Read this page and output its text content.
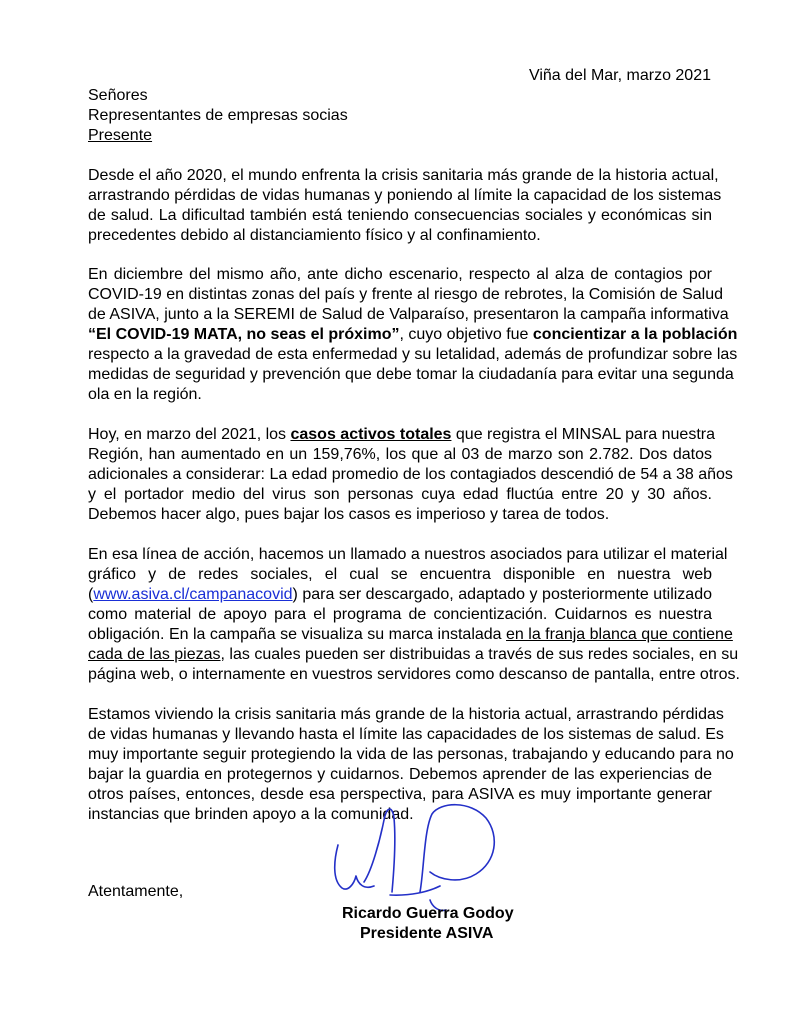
Viña del Mar, marzo 2021
Señores
Representantes de empresas socias
Presente
Desde el año 2020, el mundo enfrenta la crisis sanitaria más grande de la historia actual,
arrastrando pérdidas de vidas humanas y poniendo al límite la capacidad de los sistemas
de salud. La dificultad también está teniendo consecuencias sociales y económicas sin
precedentes debido al distanciamiento físico y al confinamiento.
En diciembre del mismo año, ante dicho escenario, respecto al alza de contagios por
COVID-19 en distintas zonas del país y frente al riesgo de rebrotes, la Comisión de Salud
de ASIVA, junto a la SEREMI de Salud de Valparaíso, presentaron la campaña informativa
“El COVID-19 MATA, no seas el próximo”, cuyo objetivo fue concientizar a la población
respecto a la gravedad de esta enfermedad y su letalidad, además de profundizar sobre las
medidas de seguridad y prevención que debe tomar la ciudadanía para evitar una segunda
ola en la región.
Hoy, en marzo del 2021, los casos activos totales que registra el MINSAL para nuestra
Región, han aumentado en un 159,76%, los que al 03 de marzo son 2.782. Dos datos
adicionales a considerar: La edad promedio de los contagiados descendió de 54 a 38 años
y el portador medio del virus son personas cuya edad fluctúa entre 20 y 30 años.
Debemos hacer algo, pues bajar los casos es imperioso y tarea de todos.
En esa línea de acción, hacemos un llamado a nuestros asociados para utilizar el material
gráfico y de redes sociales, el cual se encuentra disponible en nuestra web
(www.asiva.cl/campanacovid) para ser descargado, adaptado y posteriormente utilizado
como material de apoyo para el programa de concientización. Cuidarnos es nuestra
obligación. En la campaña se visualiza su marca instalada en la franja blanca que contiene
cada de las piezas, las cuales pueden ser distribuidas a través de sus redes sociales, en su
página web, o internamente en vuestros servidores como descanso de pantalla, entre otros.
Estamos viviendo la crisis sanitaria más grande de la historia actual, arrastrando pérdidas
de vidas humanas y llevando hasta el límite las capacidades de los sistemas de salud. Es
muy importante seguir protegiendo la vida de las personas, trabajando y educando para no
bajar la guardia en protegernos y cuidarnos. Debemos aprender de las experiencias de
otros países, entonces, desde esa perspectiva, para ASIVA es muy importante generar
instancias que brinden apoyo a la comunidad.
Atentamente,
Ricardo Guerra Godoy
Presidente ASIVA
